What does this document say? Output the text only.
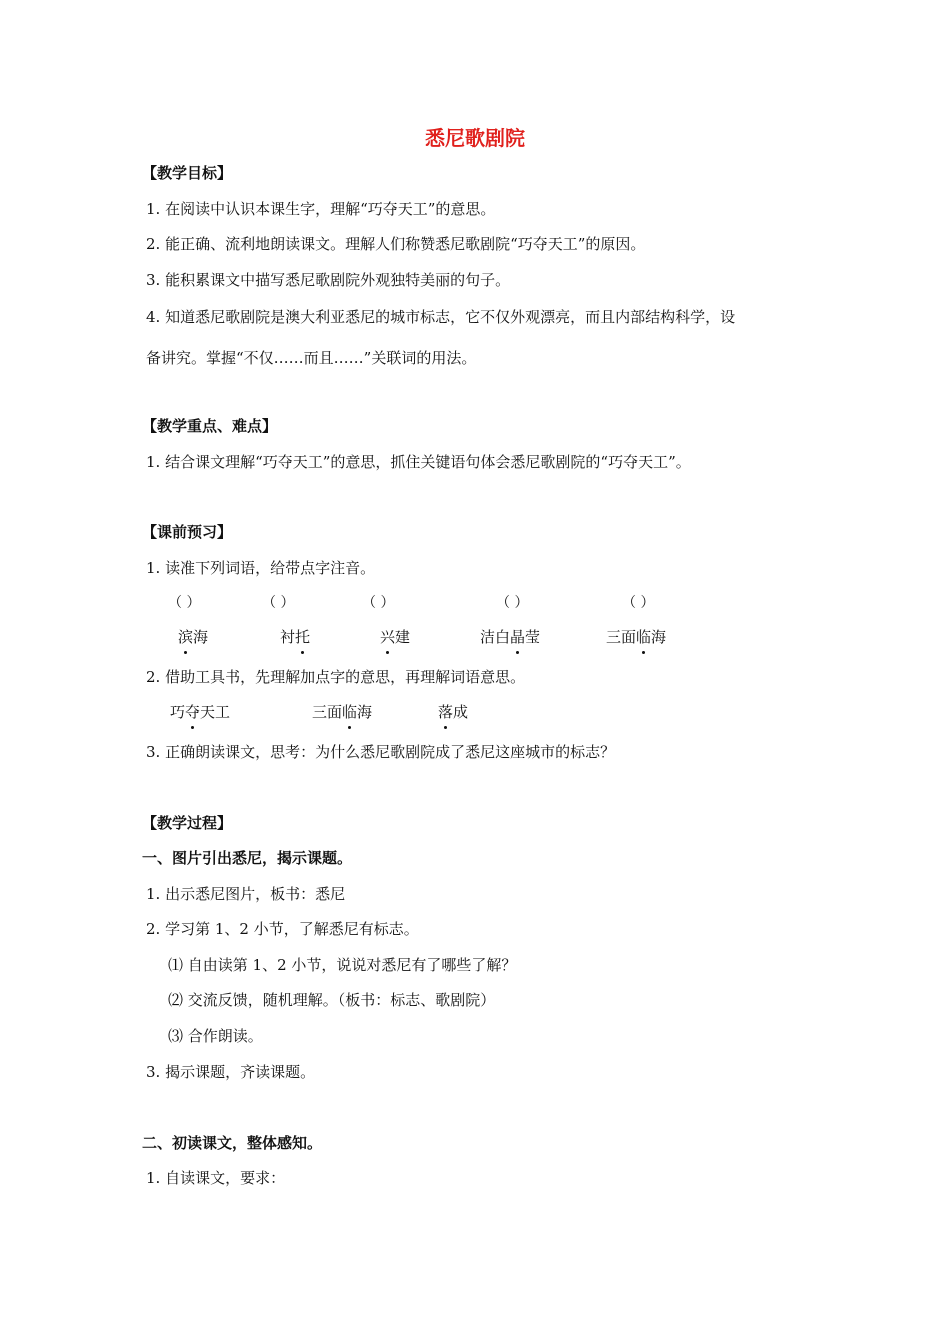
悉尼歌剧院
【教学目标】
1. 在阅读中认识本课生字，理解“巧夺天工”的意思。
2. 能正确、流利地朗读课文。理解人们称赞悉尼歌剧院“巧夺天工”的原因。
3. 能积累课文中描写悉尼歌剧院外观独特美丽的句子。
4. 知道悉尼歌剧院是澳大利亚悉尼的城市标志，它不仅外观漂亮，而且内部结构科学，设
备讲究。掌握“不仅……而且……”关联词的用法。
【教学重点、难点】
1. 结合课文理解“巧夺天工”的意思，抓住关键语句体会悉尼歌剧院的“巧夺天工”。
【课前预习】
1. 读准下列词语，给带点字注音。
（ ）	（ ）	（ ）	（ ）	（ ）
滨海	衬托	兴建	洁白晶莹	三面临海
2. 借助工具书，先理解加点字的意思，再理解词语意思。
巧夺天工	三面临海	落成
3. 正确朗读课文，思考：为什么悉尼歌剧院成了悉尼这座城市的标志？
【教学过程】
一、图片引出悉尼，揭示课题。
1. 出示悉尼图片，板书：悉尼
2. 学习第 1、2 小节，了解悉尼有标志。
⑴ 自由读第 1、2 小节，说说对悉尼有了哪些了解？
⑵ 交流反馈，随机理解。（板书：标志、歌剧院）
⑶ 合作朗读。
3. 揭示课题，齐读课题。
二、初读课文，整体感知。
1. 自读课文，要求：
